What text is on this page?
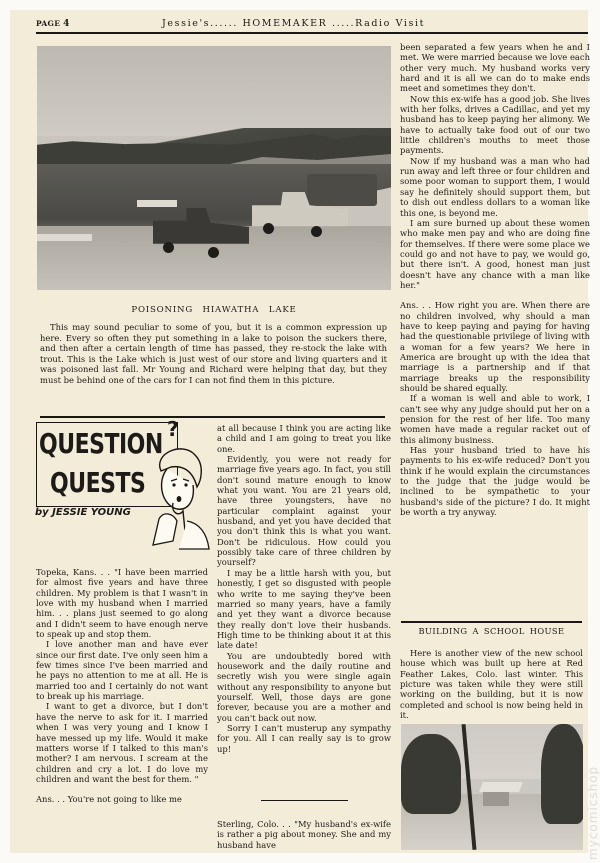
PAGE 4	Jessie's...... HOMEMAKER .....Radio Visit
POISONING HIAWATHA LAKE

This may sound peculiar to some of you, but it is a common expression up here. Every so often they put something in a lake to poison the suckers there, and then after a certain length of time has passed, they re-stock the lake with trout. This is the Lake which is just west of our store and living quarters and it was poisoned last fall. Mr Young and Richard were helping that day, but they must be behind one of the cars for I can not find them in this picture.

QUESTION
QUESTS
?
by JESSIE YOUNG

Topeka, Kans. . . "I have been married for almost five years and have three children. My problem is that I wasn't in love with my husband when I married him. . . plans just seemed to go along and I didn't seem to have enough nerve to speak up and stop them.

I love another man and have ever since our first date. I've only seen him a few times since I've been married and he pays no attention to me at all. He is married too and I certainly do not want to break up his marriage.

I want to get a divorce, but I don't have the nerve to ask for it. I married when I was very young and I know I have messed up my life. Would it make matters worse if I talked to this man's mother? I am nervous. I scream at the children and cry a lot. I do love my children and want the best for them. "

Ans. . . You're not going to like me

at all because I think you are acting like a child and I am going to treat you like one.

Evidently, you were not ready for marriage five years ago. In fact, you still don't sound mature enough to know what you want. You are 21 years old, have three youngsters, have no particular complaint against your husband, and yet you have decided that you don't think this is what you want. Don't be ridiculous. How could you possibly take care of three children by yourself?

I may be a little harsh with you, but honestly, I get so disgusted with people who write to me saying they've been married so many years, have a family and yet they want a divorce because they really don't love their husbands. High time to be thinking about it at this late date!

You are undoubtedly bored with housework and the daily routine and secretly wish you were single again without any responsibility to anyone but yourself. Well, those days are gone forever, because you are a mother and you can't back out now.

Sorry I can't musterup any sympathy for you. All I can really say is to grow up!

Sterling, Colo. . . "My husband's ex-wife is rather a pig about money. She and my husband have

been separated a few years when he and I met. We were married because we love each other very much. My husband works very hard and it is all we can do to make ends meet and sometimes they don't.

Now this ex-wife has a good job. She lives with her folks, drives a Cadillac, and yet my husband has to keep paying her alimony. We have to actually take food out of our two little children's mouths to meet those payments.

Now if my husband was a man who had run away and left three or four children and some poor woman to support them, I would say he definitely should support them, but to dish out endless dollars to a woman like this one, is beyond me.

I am sure burned up about these women who make men pay and who are doing fine for themselves. If there were some place we could go and not have to pay, we would go, but there isn't. A good, honest man just doesn't have any chance with a man like her."

Ans. . . How right you are. When there are no children involved, why should a man have to keep paying and paying for having had the questionable privilege of living with a woman for a few years? We here in America are brought up with the idea that marriage is a partnership and if that marriage breaks up the responsibility should be shared equally.

If a woman is well and able to work, I can't see why any judge should put her on a pension for the rest of her life. Too many women have made a regular racket out of this alimony business.

Has your husband tried to have his payments to his ex-wife reduced? Don't you think if he would explain the circumstances to the judge that the judge would be inclined to be sympathetic to your husband's side of the picture? I do. It might be worth a try anyway.

BUILDING A SCHOOL HOUSE

Here is another view of the new school house which was built up here at Red Feather Lakes, Colo. last winter. This picture was taken while they were still working on the building, but it is now completed and school is now being held in it.

mycomicshop
